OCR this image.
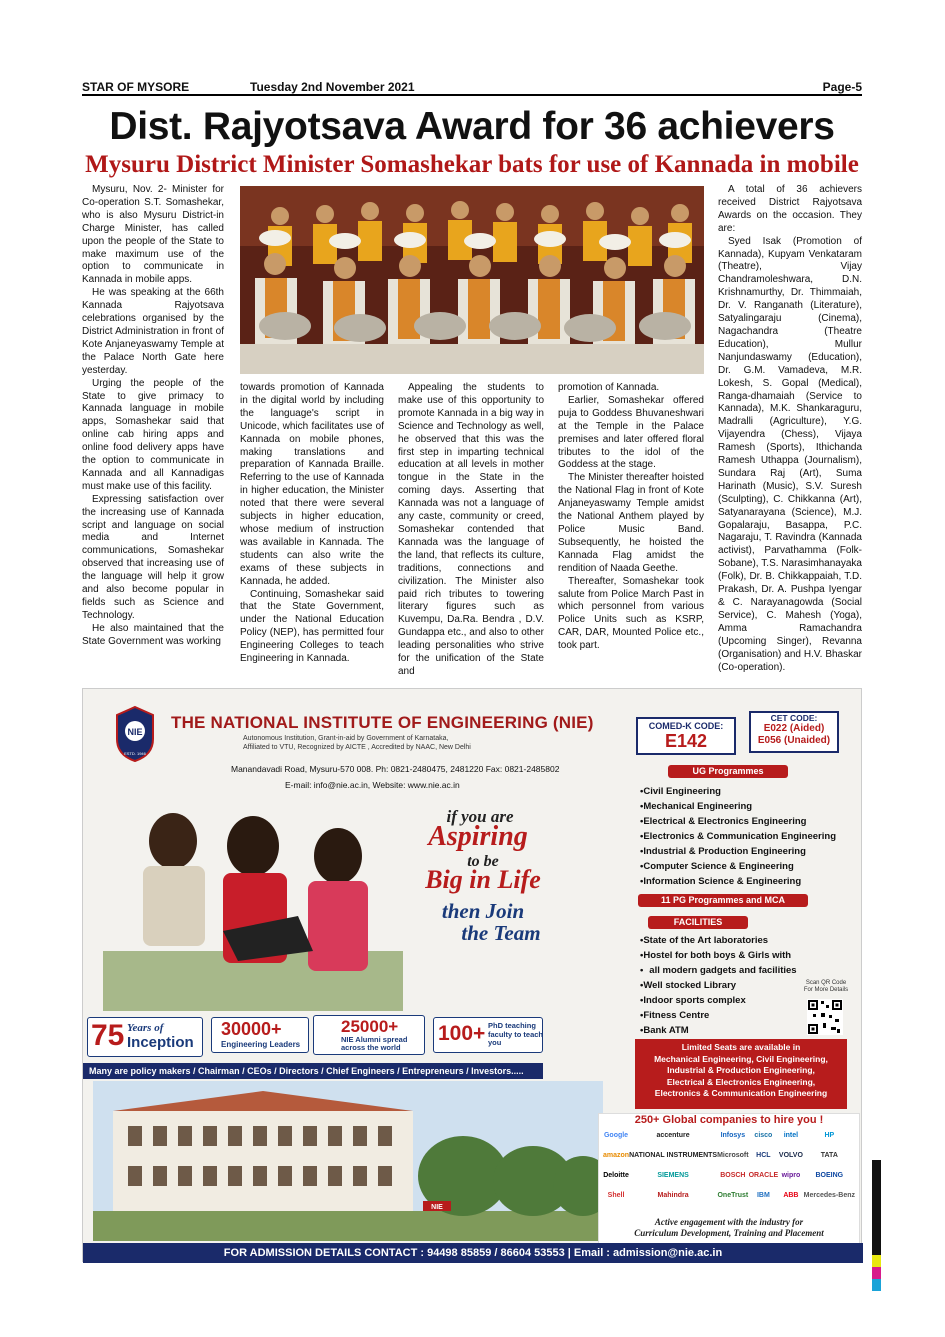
STAR OF MYSORE	Tuesday 2nd November 2021	Page-5
Dist. Rajyotsava Award for 36 achievers
Mysuru District Minister Somashekar bats for use of Kannada in mobile

Mysuru, Nov. 2- Minister for Co-operation S.T. Somashekar, who is also Mysuru District-in Charge Minister, has called upon the people of the State to make maximum use of the option to communicate in Kannada in mobile apps.

He was speaking at the 66th Kannada Rajyotsava celebrations organised by the District Administration in front of Kote Anjaneyaswamy Temple at the Palace North Gate here yesterday.

Urging the people of the State to give primacy to Kannada language in mobile apps, Somashekar said that online cab hiring apps and online food delivery apps have the option to communicate in Kannada and all Kannadigas must make use of this facility.

Expressing satisfaction over the increasing use of Kannada script and language on social media and Internet communications, Somashekar observed that increasing use of the language will help it grow and also become popular in fields such as Science and Technology.

He also maintained that the State Government was working

towards promotion of Kannada in the digital world by including the language's script in Unicode, which facilitates use of Kannada on mobile phones, making translations and preparation of Kannada Braille. Referring to the use of Kannada in higher education, the Minister noted that there were several subjects in higher education, whose medium of instruction was available in Kannada. The students can also write the exams of these subjects in Kannada, he added.

Continuing, Somashekar said that the State Government, under the National Education Policy (NEP), has permitted four Engineering Colleges to teach Engineering in Kannada.

Appealing the students to make use of this opportunity to promote Kannada in a big way in Science and Technology as well, he observed that this was the first step in imparting technical education at all levels in mother tongue in the State in the coming days. Asserting that Kannada was not a language of any caste, community or creed, Somashekar contended that Kannada was the language of the land, that reflects its culture, traditions, connections and civilization. The Minister also paid rich tributes to towering literary figures such as Kuvempu, Da.Ra. Bendra , D.V. Gundappa etc., and also to other leading personalities who strive for the unification of the State and

promotion of Kannada.

Earlier, Somashekar offered puja to Goddess Bhuvaneshwari at the Temple in the Palace premises and later offered floral tributes to the idol of the Goddess at the stage.

The Minister thereafter hoisted the National Flag in front of Kote Anjaneyaswamy Temple amidst the National Anthem played by Police Music Band. Subsequently, he hoisted the Kannada Flag amidst the rendition of Naada Geethe.

Thereafter, Somashekar took salute from Police March Past in which personnel from various Police Units such as KSRP, CAR, DAR, Mounted Police etc., took part.

A total of 36 achievers received District Rajyotsava Awards on the occasion. They are:

Syed Isak (Promotion of Kannada), Kupyam Venkataram (Theatre), Vijay Chandramoleshwara, D.N. Krishnamurthy, Dr. Thimmaiah, Dr. V. Ranganath (Literature), Satyalingaraju (Cinema), Nagachandra (Theatre Education), Mullur Nanjundaswamy (Education), Dr. G.M. Vamadeva, M.R. Lokesh, S. Gopal (Medical), Ranga-dhamaiah (Service to Kannada), M.K. Shankaraguru, Madralli (Agriculture), Y.G. Vijayendra (Chess), Vijaya Ramesh (Sports), Ithichanda Ramesh Uthappa (Journalism), Sundara Raj (Art), Suma Harinath (Music), S.V. Suresh (Sculpting), C. Chikkanna (Art), Satyanarayana (Science), M.J. Gopalaraju, Basappa, P.C. Nagaraju, T. Ravindra (Kannada activist), Parvathamma (Folk-Sobane), T.S. Narasimhanayaka (Folk), Dr. B. Chikkappaiah, T.D. Prakash, Dr. A. Pushpa Iyengar & C. Narayanagowda (Social Service), C. Mahesh (Yoga), Amma Ramachandra (Upcoming Singer), Revanna (Organisation) and H.V. Bhaskar (Co-operation).

NIE
ESTD. 1946
THE NATIONAL INSTITUTE OF ENGINEERING (NIE)
Autonomous Institution, Grant-in-aid by Government of Karnataka,
Affiliated to VTU, Recognized by AICTE , Accredited by NAAC, New Delhi
Manandavadi Road, Mysuru-570 008. Ph: 0821-2480475, 2481220 Fax: 0821-2485802
E-mail: info@nie.ac.in, Website: www.nie.ac.in
if you are
Aspiring
to be
Big in Life
then Join
the Team
COMED-K CODE:
E142
CET CODE:
E022 (Aided)
E056 (Unaided)
UG Programmes
• Civil Engineering
• Mechanical Engineering
• Electrical & Electronics Engineering
• Electronics & Communication Engineering
• Industrial & Production Engineering
• Computer Science & Engineering
• Information Science & Engineering
11 PG Programmes and MCA
FACILITIES
• State of the Art laboratories
• Hostel for both boys & Girls with
• all modern gadgets and facilities
• Well stocked Library
• Indoor sports complex
• Fitness Centre
• Bank ATM
Scan QR Code For More Details
Limited Seats are available in
Mechanical Engineering, Civil Engineering,
Industrial & Production Engineering,
Electrical & Electronics Engineering,
Electronics & Communication Engineering
75 Years of
Inception
30000+
Engineering Leaders
25000+
NIE Alumni spread across the world
100+ PhD teaching faculty to teach you
Many are policy makers / Chairman / CEOs / Directors / Chief Engineers / Entrepreneurs / Investors.....
NIE
250+ Global companies to hire you !
Google	accenture	Infosys	cisco	intel	HP
amazon NATIONAL INSTRUMENTS Microsoft	HCL	VOLVO	TATA
Deloitte	SIEMENS	BOSCH ORACLE wipro	BOEING
Shell	Mahindra	OneTrust	IBM	ABB Mercedes-Benz
Active engagement with the industry for
Curriculum Development, Training and Placement
FOR ADMISSION DETAILS CONTACT : 94498 85859 / 86604 53553 | Email : admission@nie.ac.in
